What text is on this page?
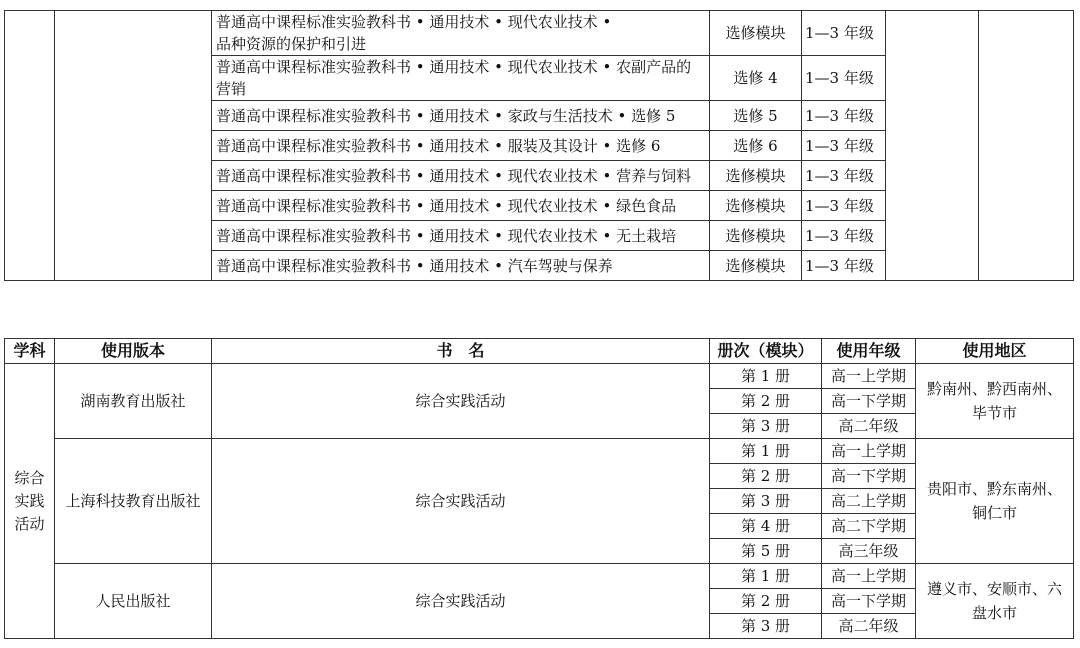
		普通高中课程标准实验教科书 • 通用技术 • 现代农业技术 •
品种资源的保护和引进	选修模块	1—3 年级		
		普通高中课程标准实验教科书 • 通用技术 • 现代农业技术 • 农副产品的营销	选修 4	1—3 年级		
		普通高中课程标准实验教科书 • 通用技术 • 家政与生活技术 • 选修 5	选修 5	1—3 年级		
		普通高中课程标准实验教科书 • 通用技术 • 服装及其设计 • 选修 6	选修 6	1—3 年级		
		普通高中课程标准实验教科书 • 通用技术 • 现代农业技术 • 营养与饲料	选修模块	1—3 年级		
		普通高中课程标准实验教科书 • 通用技术 • 现代农业技术 • 绿色食品	选修模块	1—3 年级		
		普通高中课程标准实验教科书 • 通用技术 • 现代农业技术 • 无土栽培	选修模块	1—3 年级		
		普通高中课程标准实验教科书 • 通用技术 • 汽车驾驶与保养	选修模块	1—3 年级		
学科	使用版本	书　名	册次（模块）	使用年级	使用地区
综合
实践
活动	湖南教育出版社	综合实践活动	第 1 册	高一上学期	黔南州、黔西南州、
毕节市
			第 2 册	高一下学期	
			第 3 册	高二年级	
	上海科技教育出版社	综合实践活动	第 1 册	高一上学期	贵阳市、黔东南州、
铜仁市
			第 2 册	高一下学期	
			第 3 册	高二上学期	
			第 4 册	高二下学期	
			第 5 册	高三年级	
	人民出版社	综合实践活动	第 1 册	高一上学期	遵义市、安顺市、六
盘水市
			第 2 册	高一下学期	
			第 3 册	高二年级	
